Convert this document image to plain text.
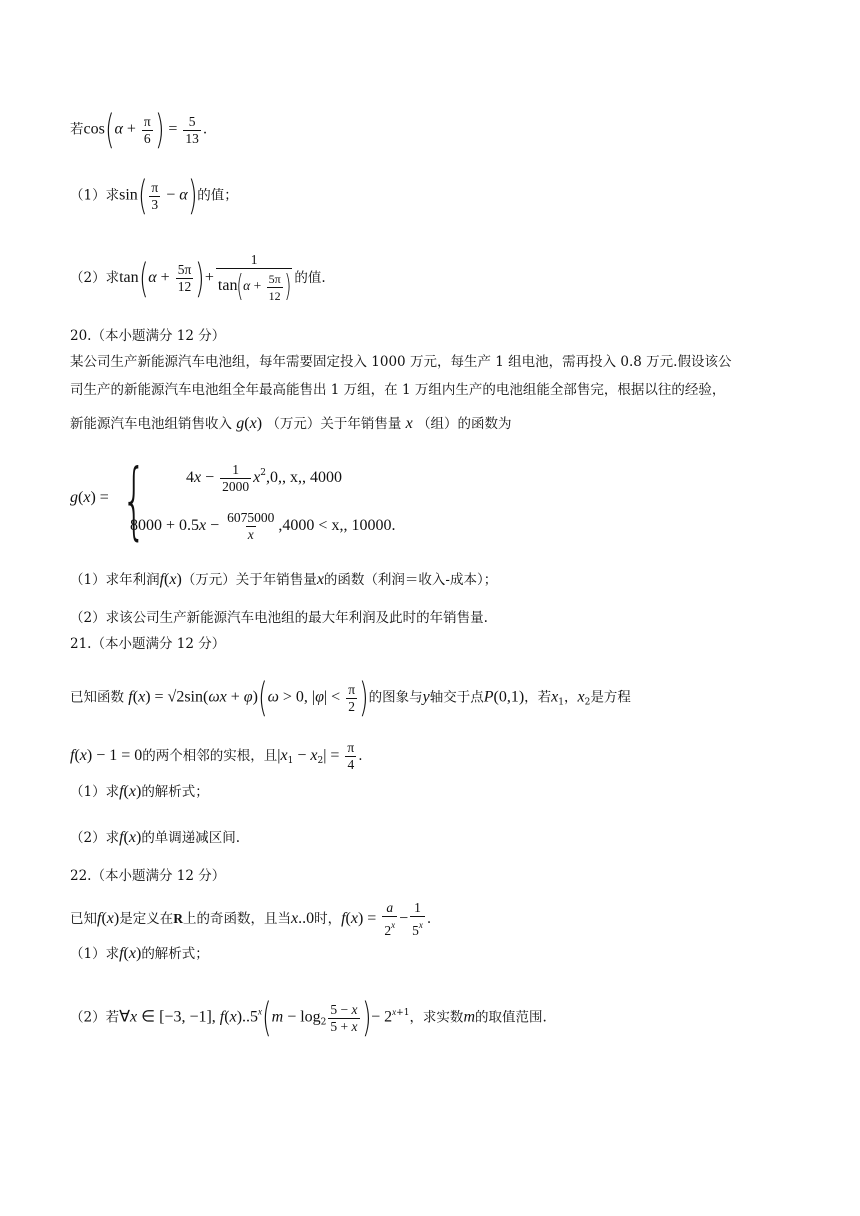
若$\cos(\alpha + \frac{\pi}{6}$ ) = $\frac{5}{13}$ .
（1）求$\sin( \frac{\pi}{3} - \alpha)$的值；
（2）求$\tan(\alpha + \frac{5\pi}{12}$ )+ $\frac{1}{\tan(\alpha + \frac{5\pi}{12} )}$ 的值.
20.（本小题满分 12 分）
某公司生产新能源汽车电池组，每年需要固定投入 1000 万元，每生产 1 组电池，需再投入 0.8 万元.假设该公
司生产的新能源汽车电池组全年最高能售出 1 万组，在 1 万组内生产的电池组能全部售完，根据以往的经验，
新能源汽车电池组销售收入 g(x) （万元）关于年销售量 x （组）的函数为
g(x) = { $4x - \frac{1}{2000} x^2,0$,, x,, 4000
$8000 + 0.5x - \frac{6075000}{x} ,4000 < x$,, 10000.
（1）求年利润f(x)（万元）关于年销售量x的函数（利润＝收入-成本）；
（2）求该公司生产新能源汽车电池组的最大年利润及此时的年销售量.
21.（本小题满分 12 分）
已知函数 f(x) = √2sin(ωx + φ)(ω > 0, $|\varphi| < \frac{\pi}{2}$ )的图象与y轴交于点P(0,1)，若$x_1$，$x_2$是方程
f(x) − 1 = 0的两个相邻的实根，且$|x_1 - x_2| = \frac{\pi}{4}$ .
（1）求f(x)的解析式；
（2）求f(x)的单调递减区间.
22.（本小题满分 12 分）
已知f(x)是定义在R上的奇函数，且当x..0时，$f(x) = \frac{a}{2^x} - \frac{1}{5^x}$ .
（1）求f(x)的解析式；
（2）若∀x ∈ [−3, −1], $f(x)..5^x(m - \log_2 \frac{5 - x}{5 + x}$ )− $2^{x+1}$，求实数m的取值范围.
